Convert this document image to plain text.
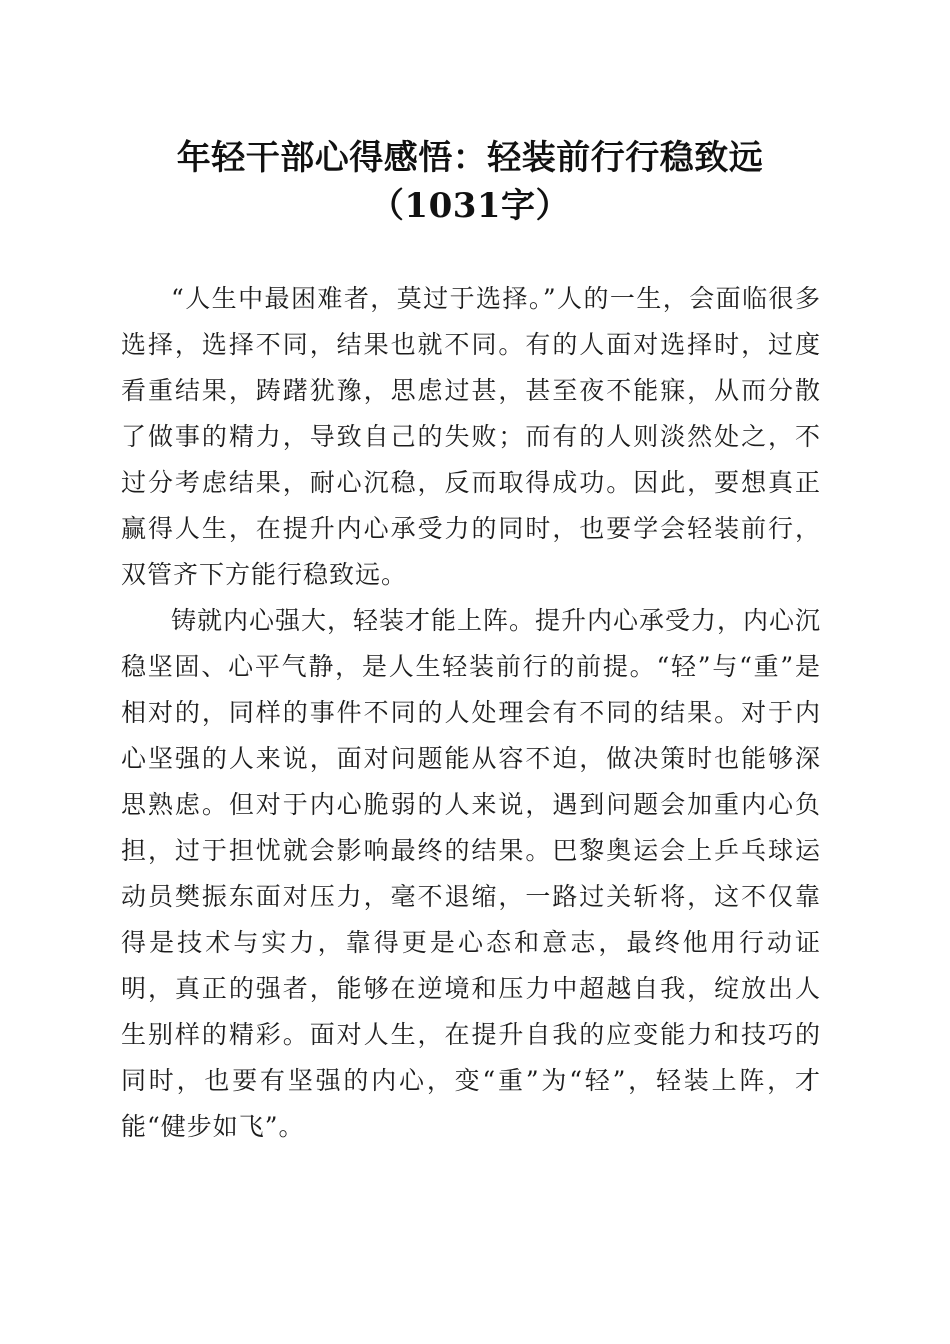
年轻干部心得感悟：轻装前行行稳致远（1031字）

“人生中最困难者，莫过于选择。”人的一生，会面临很多选择，选择不同，结果也就不同。有的人面对选择时，过度看重结果，踌躇犹豫，思虑过甚，甚至夜不能寐，从而分散了做事的精力，导致自己的失败；而有的人则淡然处之，不过分考虑结果，耐心沉稳，反而取得成功。因此，要想真正赢得人生，在提升内心承受力的同时，也要学会轻装前行，双管齐下方能行稳致远。

铸就内心强大，轻装才能上阵。提升内心承受力，内心沉稳坚固、心平气静，是人生轻装前行的前提。“轻”与“重”是相对的，同样的事件不同的人处理会有不同的结果。对于内心坚强的人来说，面对问题能从容不迫，做决策时也能够深思熟虑。但对于内心脆弱的人来说，遇到问题会加重内心负担，过于担忧就会影响最终的结果。巴黎奥运会上乒乓球运动员樊振东面对压力，毫不退缩，一路过关斩将，这不仅靠得是技术与实力，靠得更是心态和意志，最终他用行动证明，真正的强者，能够在逆境和压力中超越自我，绽放出人生别样的精彩。面对人生，在提升自我的应变能力和技巧的同时，也要有坚强的内心，变“重”为“轻”，轻装上阵，才能“健步如飞”。
